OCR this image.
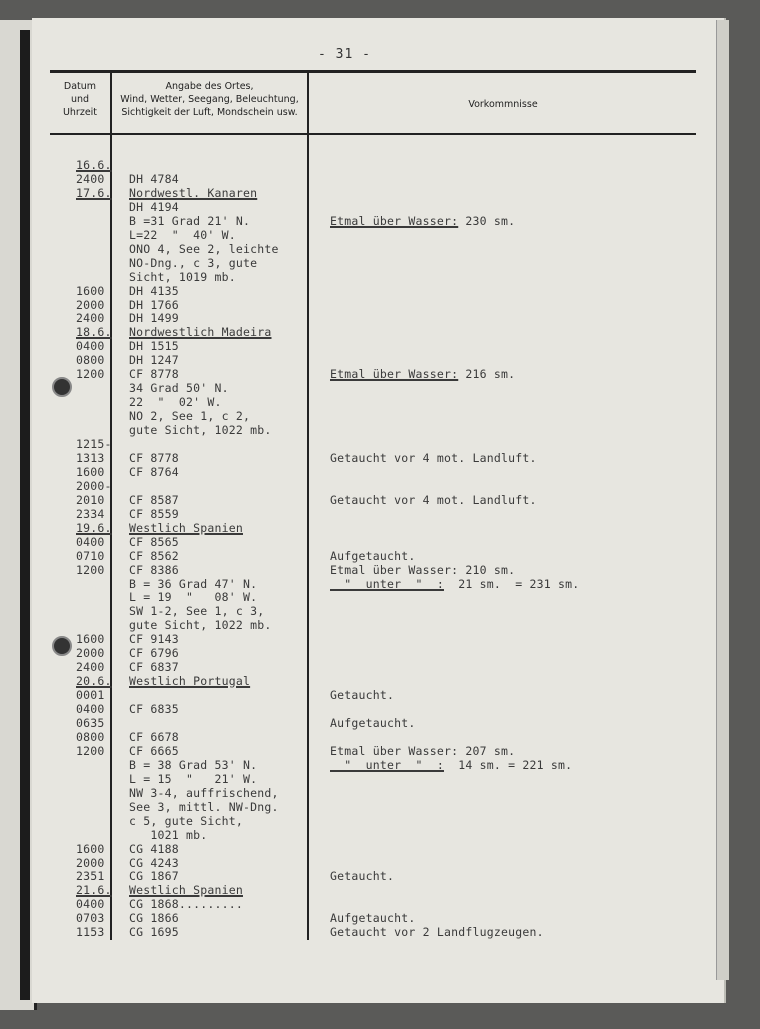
- 31 -
Datum
und
Uhrzeit
Angabe des Ortes,
Wind, Wetter, Seegang, Beleuchtung,
Sichtigkeit der Luft, Mondschein usw.
Vorkommnisse
16.6.
2400 DH 4784
17.6. Nordwestl. Kanaren
DH 4194
B =31 Grad 21' N.	Etmal über Wasser: 230 sm.
L=22  "  40' W.
ONO 4, See 2, leichte
NO-Dng., c 3, gute
Sicht, 1019 mb.
1600 DH 4135
2000 DH 1766
2400 DH 1499
18.6. Nordwestlich Madeira
0400 DH 1515
0800 DH 1247
1200 CF 8778	Etmal über Wasser: 216 sm.
34 Grad 50' N.
22  "  02' W.
NO 2, See 1, c 2,
gute Sicht, 1022 mb.
1215-
1313 CF 8778	Getaucht vor 4 mot. Landluft.
1600 CF 8764
2000-
2010 CF 8587	Getaucht vor 4 mot. Landluft.
2334 CF 8559
19.6. Westlich Spanien
0400 CF 8565
0710 CF 8562	Aufgetaucht.
1200 CF 8386	Etmal über Wasser: 210 sm.
B = 36 Grad 47' N.	"  unter  "  :  21 sm.  = 231 sm.
L = 19  "   08' W.
SW 1-2, See 1, c 3,
gute Sicht, 1022 mb.
1600 CF 9143
2000 CF 6796
2400 CF 6837
20.6. Westlich Portugal
0001	Getaucht.
0400 CF 6835
0635	Aufgetaucht.
0800 CF 6678
1200 CF 6665	Etmal über Wasser: 207 sm.
B = 38 Grad 53' N.	"  unter  "  :  14 sm. = 221 sm.
L = 15  "   21' W.
NW 3-4, auffrischend,
See 3, mittl. NW-Dng.
c 5, gute Sicht,
1021 mb.
1600 CG 4188
2000 CG 4243
2351 CG 1867	Getaucht.
21.6. Westlich Spanien
0400 CG 1868.........
0703 CG 1866	Aufgetaucht.
1153 CG 1695	Getaucht vor 2 Landflugzeugen.
